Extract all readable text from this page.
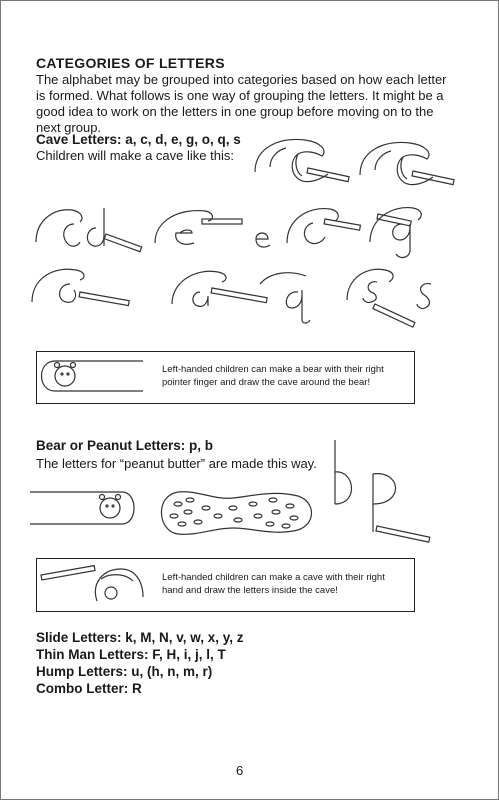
CATEGORIES OF LETTERS
The alphabet may be grouped into categories based on how each letter is formed. What follows is one way of grouping the letters. It might be a good idea to work on the letters in one group before moving on to the next group.
Cave Letters: a, c, d, e, g, o, q, s
Children will make a cave like this:
Left-handed children can make a bear with their right pointer finger and draw the cave around the bear!
Bear or Peanut Letters: p, b
The letters for “peanut butter” are made this way.
Left-handed children can make a cave with their right hand and draw the letters inside the cave!
Slide Letters: k, M, N, v, w, x, y, z
Thin Man Letters: F, H, i, j, l, T
Hump Letters: u, (h, n, m, r)
Combo Letter: R
6
